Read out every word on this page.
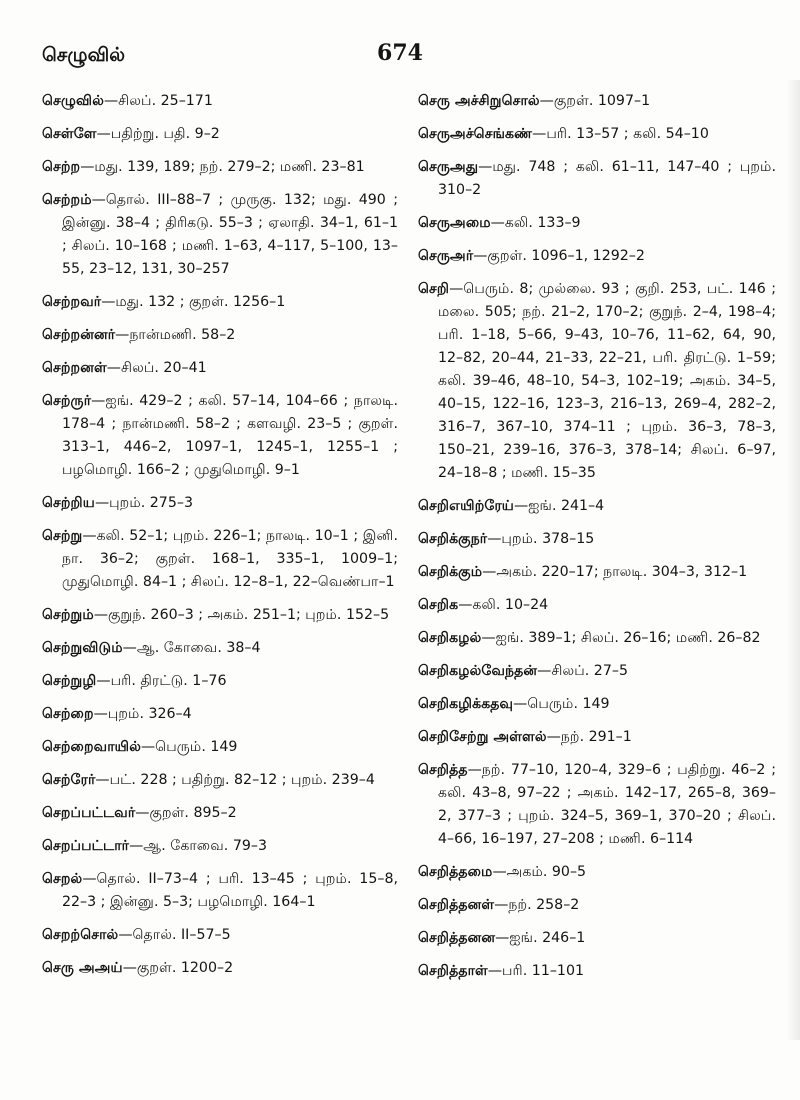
செழுவில்	674
செழுவில்—சிலப். 25–171
செள்ளே—பதிற்று. பதி. 9–2
செற்ற—மது. 139, 189; நற். 279–2; மணி. 23–81
செற்றம்—தொல். III–88–7 ; முருகு. 132; மது. 490 ; இன்னு. 38–4 ; திரிகடு. 55–3 ; ஏலாதி. 34–1, 61–1 ; சிலப். 10–168 ; மணி. 1–63, 4–117, 5–100, 13–55, 23–12, 131, 30–257
செற்றவர்—மது. 132 ; குறள். 1256–1
செற்றன்னர்—நான்மணி. 58–2
செற்றனள்—சிலப். 20–41
செற்ருர்—ஐங். 429–2 ; கலி. 57–14, 104–66 ; நாலடி. 178–4 ; நான்மணி. 58–2 ; களவழி. 23–5 ; குறள். 313–1, 446–2, 1097–1, 1245–1, 1255–1 ; பழமொழி. 166–2 ; முதுமொழி. 9–1
செற்றிய—புறம். 275–3
செற்று—கலி. 52–1; புறம். 226–1; நாலடி. 10–1 ; இனி. நா. 36–2; குறள். 168–1, 335–1, 1009–1; முதுமொழி. 84–1 ; சிலப். 12–8–1, 22–வெண்பா–1
செற்றும்—குறுந். 260–3 ; அகம். 251–1; புறம். 152–5
செற்றுவிடும்—ஆ. கோவை. 38–4
செற்றுழி—பரி. திரட்டு. 1–76
செற்றை—புறம். 326–4
செற்றைவாயில்—பெரும். 149
செற்ரேர்—பட். 228 ; பதிற்று. 82–12 ; புறம். 239–4
செறப்பட்டவர்—குறள். 895–2
செறப்பட்டார்—ஆ. கோவை. 79–3
செறல்—தொல். II–73–4 ; பரி. 13–45 ; புறம். 15–8, 22–3 ; இன்னு. 5–3; பழமொழி. 164–1
செறற்சொல்—தொல். II–57–5
செரு அஅய்—குறள். 1200–2
செரு அச்சிறுசொல்—குறள். 1097–1
செருஅச்செங்கண்—பரி. 13–57 ; கலி. 54–10
செருஅது—மது. 748 ; கலி. 61–11, 147–40 ; புறம். 310–2
செருஅமை—கலி. 133–9
செருஅர்—குறள். 1096–1, 1292–2
செறி—பெரும். 8; முல்லை. 93 ; குறி. 253, பட். 146 ; மலை. 505; நற். 21–2, 170–2; குறுந். 2–4, 198–4; பரி. 1–18, 5–66, 9–43, 10–76, 11–62, 64, 90, 12–82, 20–44, 21–33, 22–21, பரி. திரட்டு. 1–59; கலி. 39–46, 48–10, 54–3, 102–19; அகம். 34–5, 40–15, 122–16, 123–3, 216–13, 269–4, 282–2, 316–7, 367–10, 374–11 ; புறம். 36–3, 78–3, 150–21, 239–16, 376–3, 378–14; சிலப். 6–97, 24–18–8 ; மணி. 15–35
செறிஎயிற்ரேய்—ஐங். 241–4
செறிக்குநர்—புறம். 378–15
செறிக்கும்—அகம். 220–17; நாலடி. 304–3, 312–1
செறிக—கலி. 10–24
செறிகழல்—ஐங். 389–1; சிலப். 26–16; மணி. 26–82
செறிகழல்வேந்தன்—சிலப். 27–5
செறிகழிக்கதவு—பெரும். 149
செறிசேற்று அள்ளல்—நற். 291–1
செறித்த—நற். 77–10, 120–4, 329–6 ; பதிற்று. 46–2 ; கலி. 43–8, 97–22 ; அகம். 142–17, 265–8, 369–2, 377–3 ; புறம். 324–5, 369–1, 370–20 ; சிலப். 4–66, 16–197, 27–208 ; மணி. 6–114
செறித்தமை—அகம். 90–5
செறித்தனள்—நற். 258–2
செறித்தனன—ஐங். 246–1
செறித்தாள்—பரி. 11–101
